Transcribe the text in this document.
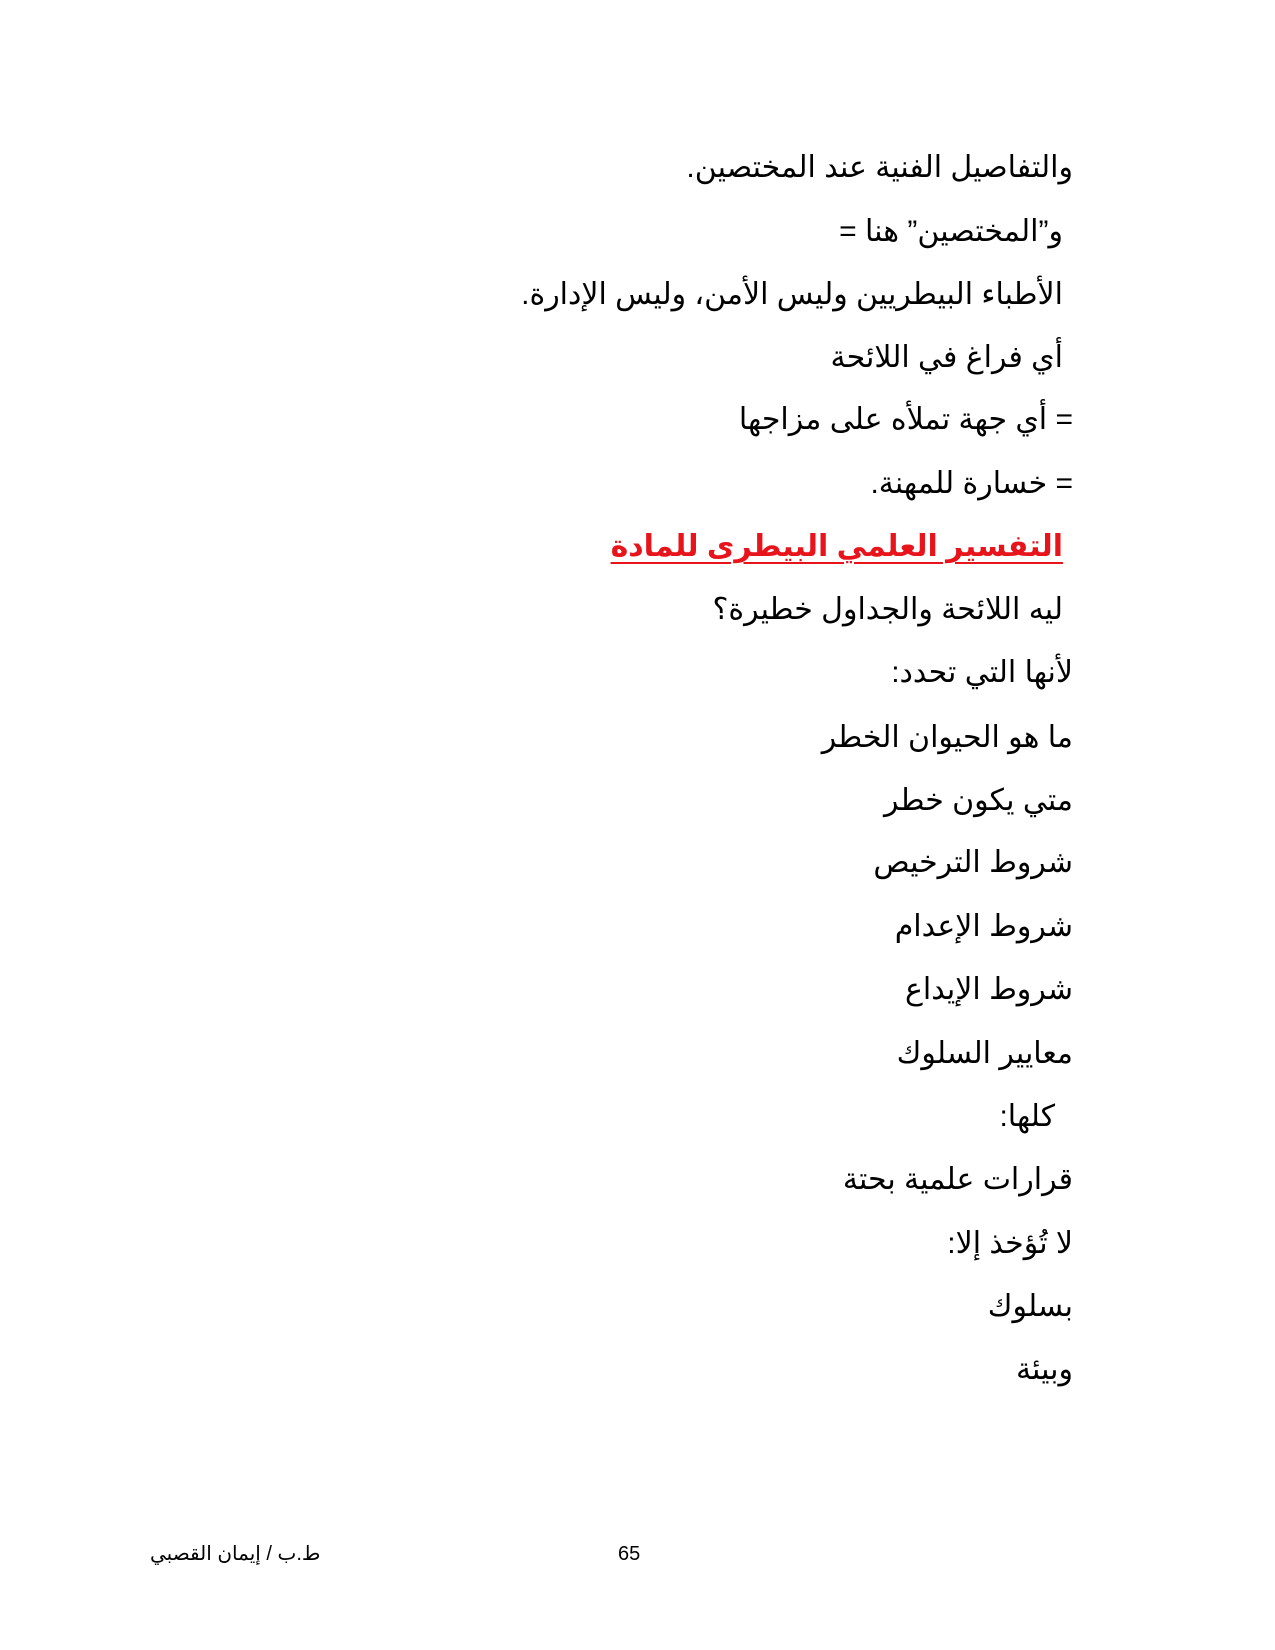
والتفاصيل الفنية عند المختصين.
و”المختصين” هنا =
الأطباء البيطريين وليس الأمن، وليس الإدارة.
أي فراغ في اللائحة
= أي جهة تملأه على مزاجها
= خسارة للمهنة.
التفسير العلمي البيطرى للمادة
ليه اللائحة والجداول خطيرة؟
لأنها التي تحدد:
ما هو الحيوان الخطر
متي يكون خطر
شروط الترخيص
شروط الإعدام
شروط الإيداع
معايير السلوك
كلها:
قرارات علمية بحتة
لا تُؤخذ إلا:
بسلوك
وبيئة
ط.ب / إيمان القصبي	65
